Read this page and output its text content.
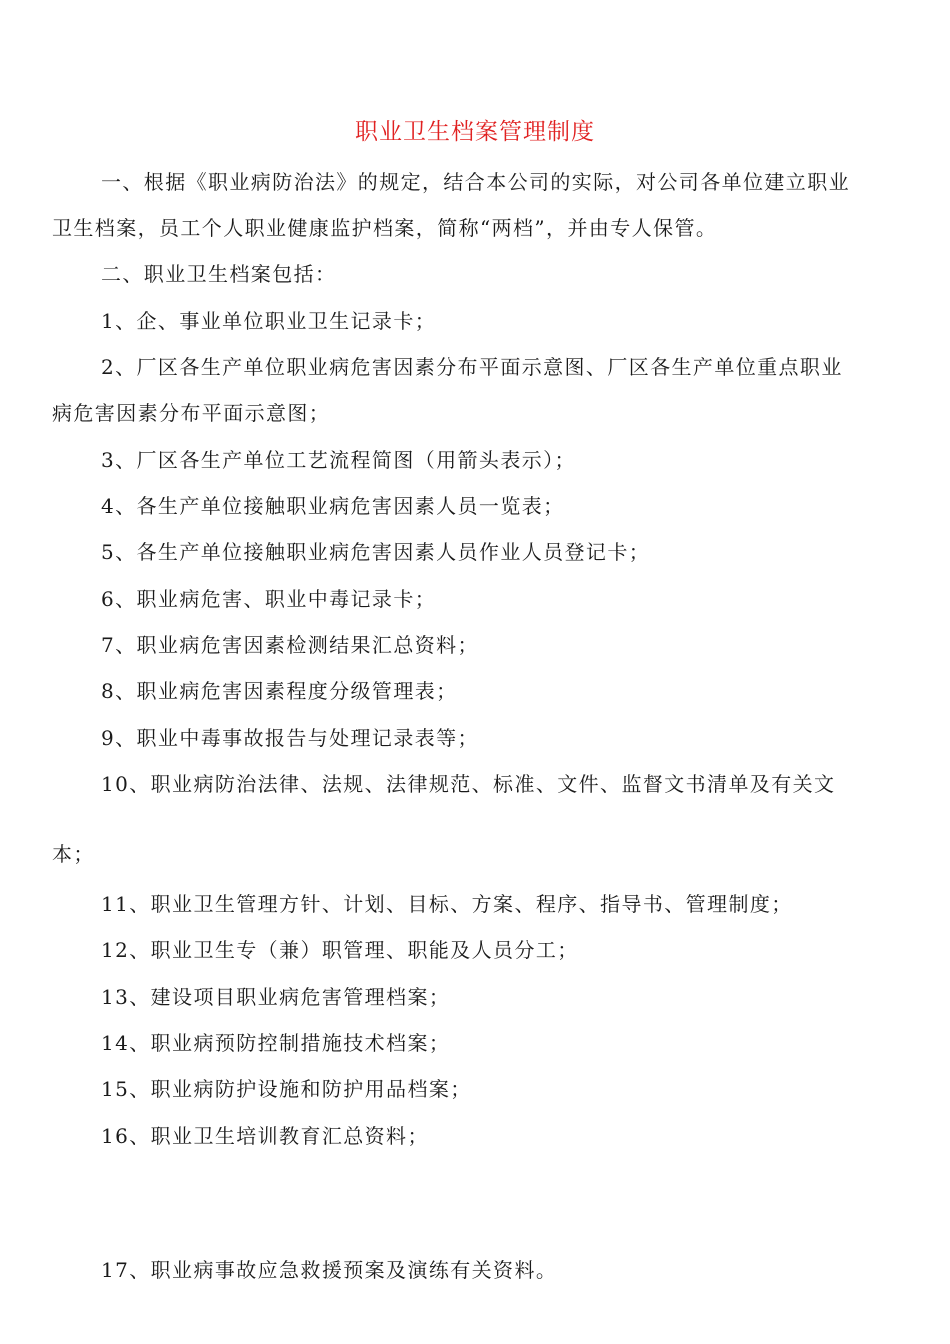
职业卫生档案管理制度
一、根据《职业病防治法》的规定，结合本公司的实际，对公司各单位建立职业
卫生档案，员工个人职业健康监护档案，简称“两档”，并由专人保管。
二、职业卫生档案包括：
1、企、事业单位职业卫生记录卡；
2、厂区各生产单位职业病危害因素分布平面示意图、厂区各生产单位重点职业
病危害因素分布平面示意图；
3、厂区各生产单位工艺流程简图（用箭头表示）；
4、各生产单位接触职业病危害因素人员一览表；
5、各生产单位接触职业病危害因素人员作业人员登记卡；
6、职业病危害、职业中毒记录卡；
7、职业病危害因素检测结果汇总资料；
8、职业病危害因素程度分级管理表；
9、职业中毒事故报告与处理记录表等；
10、职业病防治法律、法规、法律规范、标准、文件、监督文书清单及有关文
本；
11、职业卫生管理方针、计划、目标、方案、程序、指导书、管理制度；
12、职业卫生专（兼）职管理、职能及人员分工；
13、建设项目职业病危害管理档案；
14、职业病预防控制措施技术档案；
15、职业病防护设施和防护用品档案；
16、职业卫生培训教育汇总资料；
17、职业病事故应急救援预案及演练有关资料。
